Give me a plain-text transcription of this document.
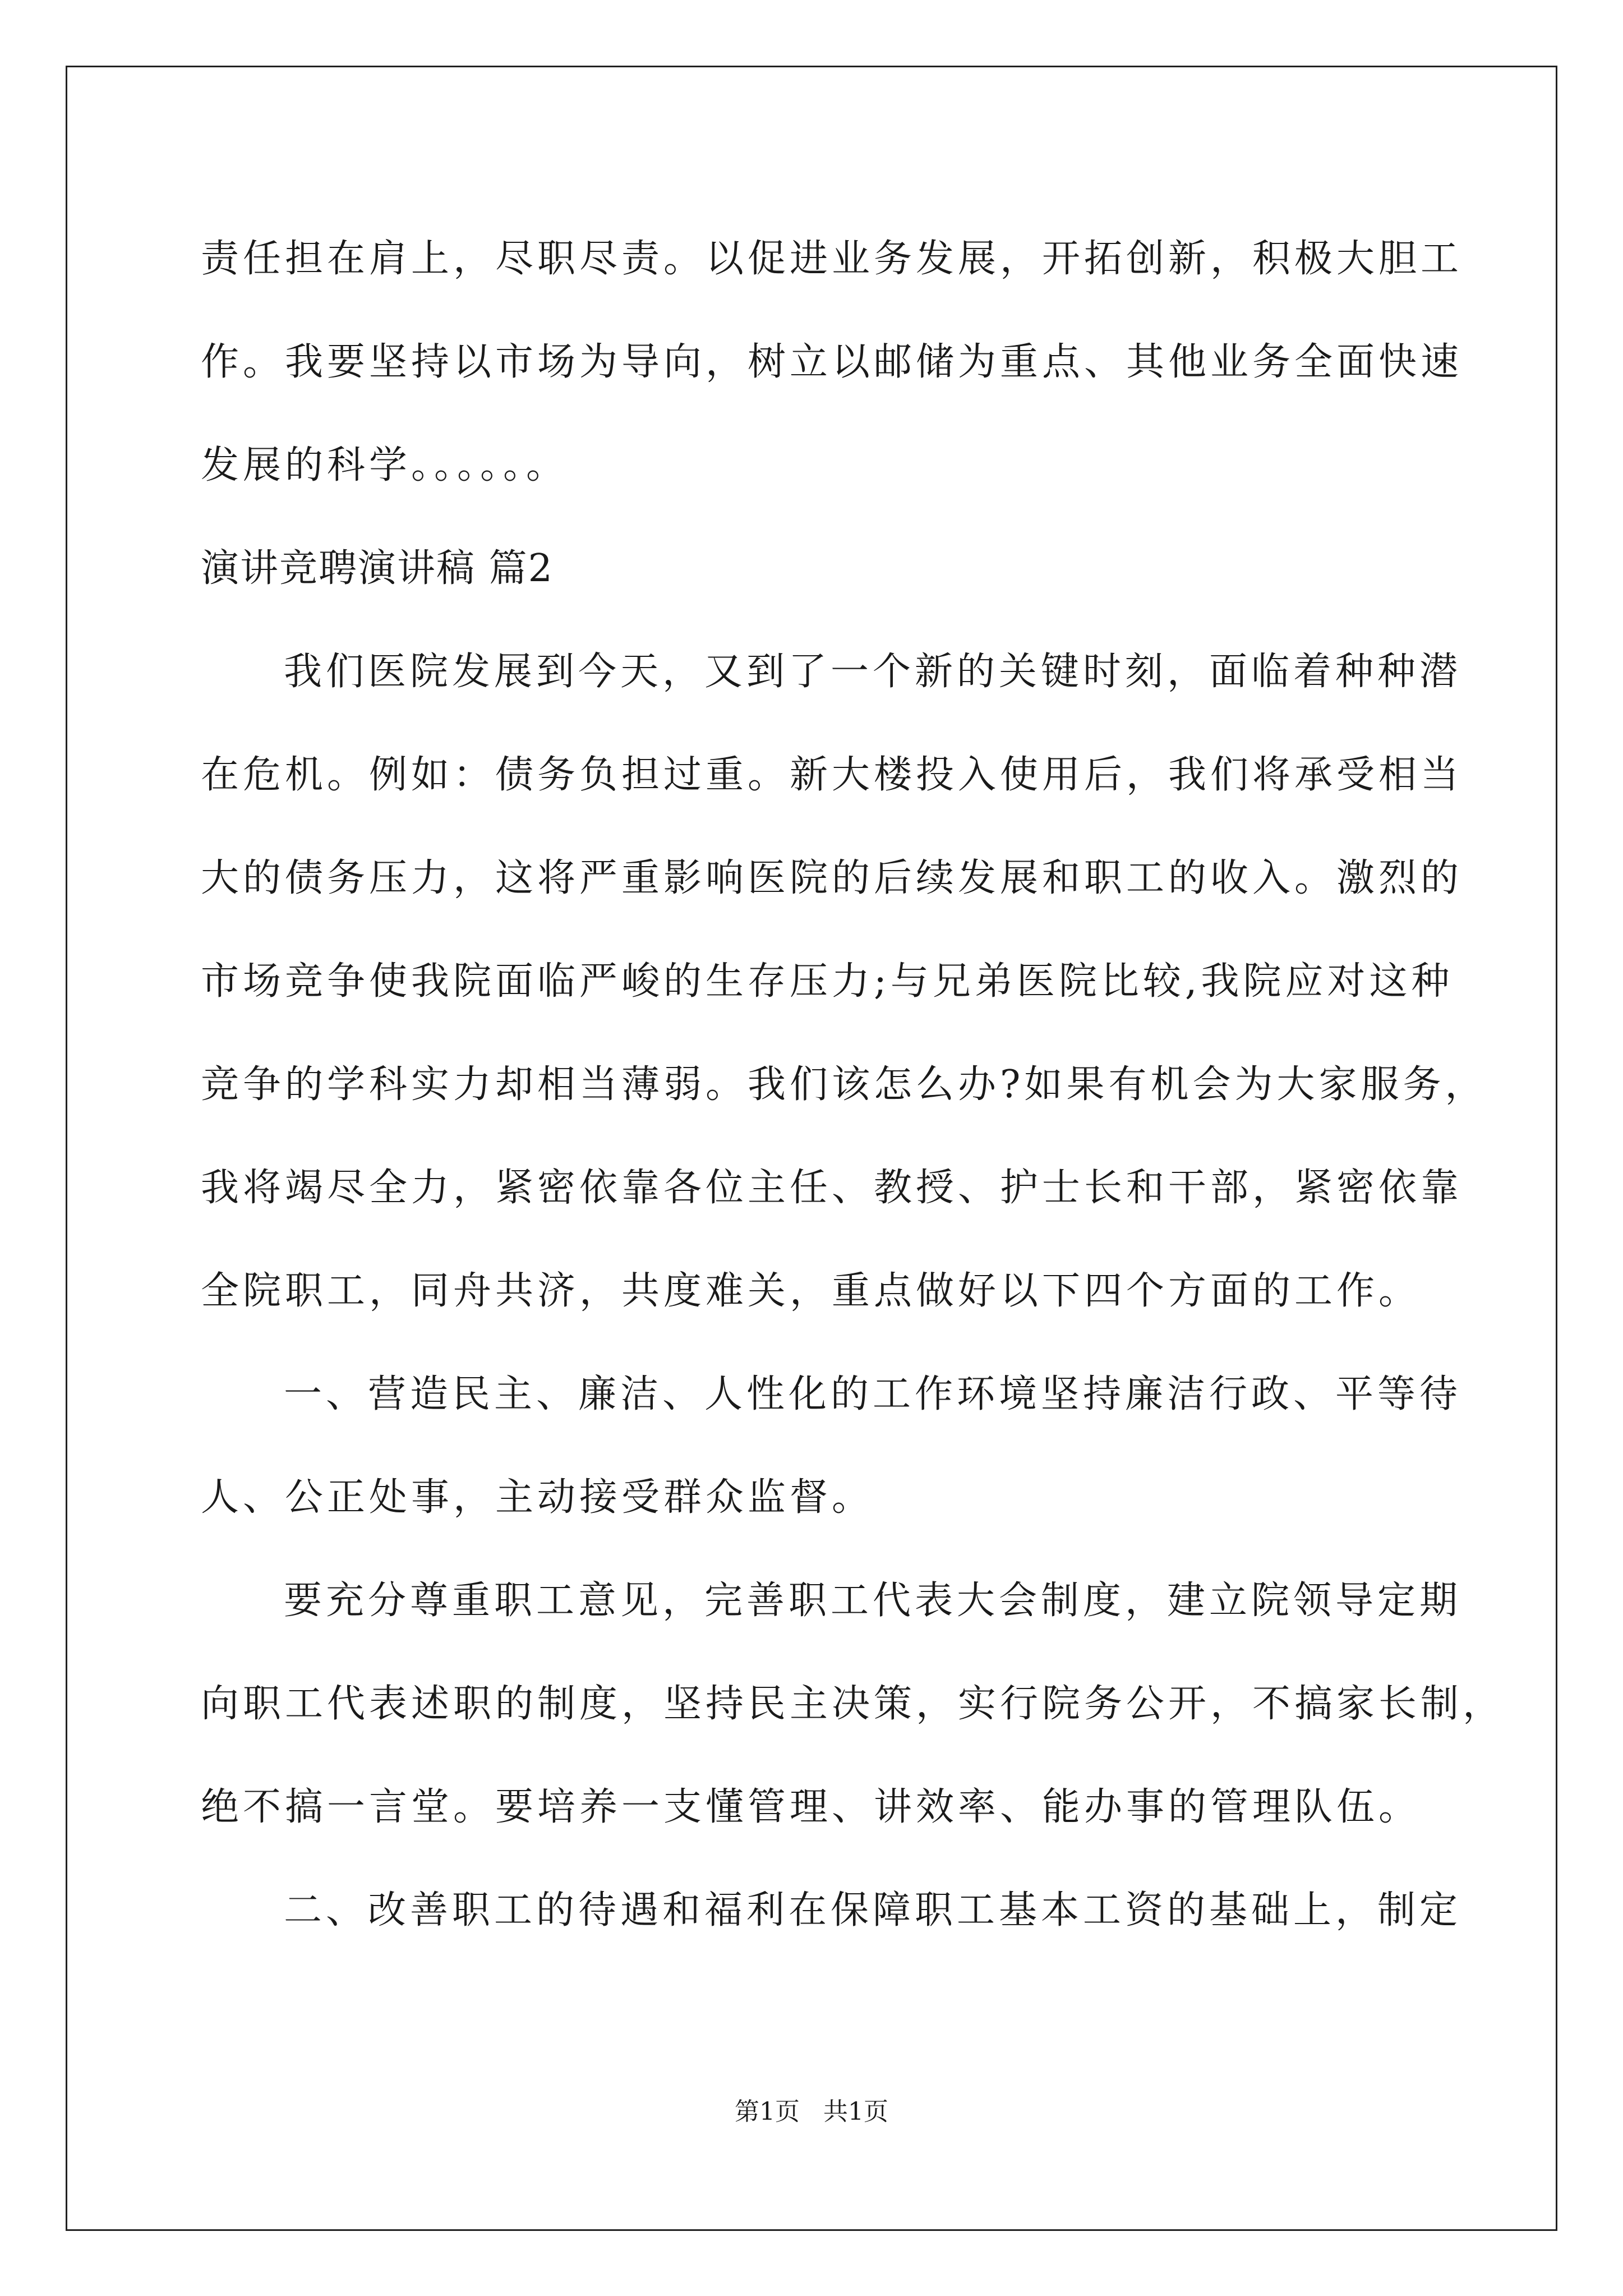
责任担在肩上，尽职尽责。以促进业务发展，开拓创新，积极大胆工
作。我要坚持以市场为导向，树立以邮储为重点、其他业务全面快速
发展的科学。。。。。。
演讲竞聘演讲稿 篇2
我们医院发展到今天，又到了一个新的关键时刻，面临着种种潜
在危机。例如：债务负担过重。新大楼投入使用后，我们将承受相当
大的债务压力，这将严重影响医院的后续发展和职工的收入。激烈的
市场竞争使我院面临严峻的生存压力;与兄弟医院比较,我院应对这种
竞争的学科实力却相当薄弱。我们该怎么办?如果有机会为大家服务，
我将竭尽全力，紧密依靠各位主任、教授、护士长和干部，紧密依靠
全院职工，同舟共济，共度难关，重点做好以下四个方面的工作。
一、营造民主、廉洁、人性化的工作环境坚持廉洁行政、平等待
人、公正处事，主动接受群众监督。
要充分尊重职工意见，完善职工代表大会制度，建立院领导定期
向职工代表述职的制度，坚持民主决策，实行院务公开，不搞家长制，
绝不搞一言堂。要培养一支懂管理、讲效率、能办事的管理队伍。
二、改善职工的待遇和福利在保障职工基本工资的基础上，制定
第1页   共1页
